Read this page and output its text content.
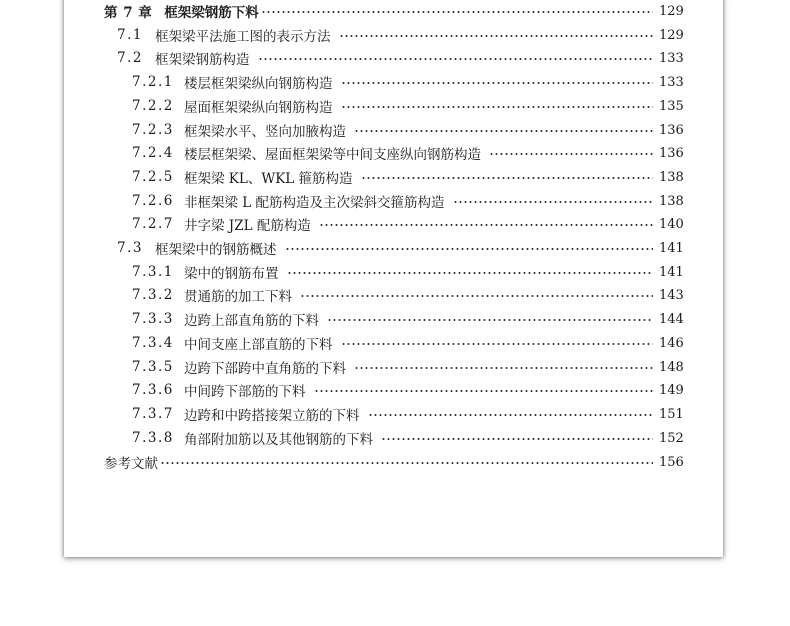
第 7 章 框架梁钢筋下料	129
7.1 框架梁平法施工图的表示方法	129
7.2 框架梁钢筋构造	133
7.2.1 楼层框架梁纵向钢筋构造	133
7.2.2 屋面框架梁纵向钢筋构造	135
7.2.3 框架梁水平、竖向加腋构造	136
7.2.4 楼层框架梁、屋面框架梁等中间支座纵向钢筋构造	136
7.2.5 框架梁 KL、WKL 箍筋构造	138
7.2.6 非框架梁 L 配筋构造及主次梁斜交箍筋构造	138
7.2.7 井字梁 JZL 配筋构造	140
7.3 框架梁中的钢筋概述	141
7.3.1 梁中的钢筋布置	141
7.3.2 贯通筋的加工下料	143
7.3.3 边跨上部直角筋的下料	144
7.3.4 中间支座上部直筋的下料	146
7.3.5 边跨下部跨中直角筋的下料	148
7.3.6 中间跨下部筋的下料	149
7.3.7 边跨和中跨搭接架立筋的下料	151
7.3.8 角部附加筋以及其他钢筋的下料	152
参考文献	156
